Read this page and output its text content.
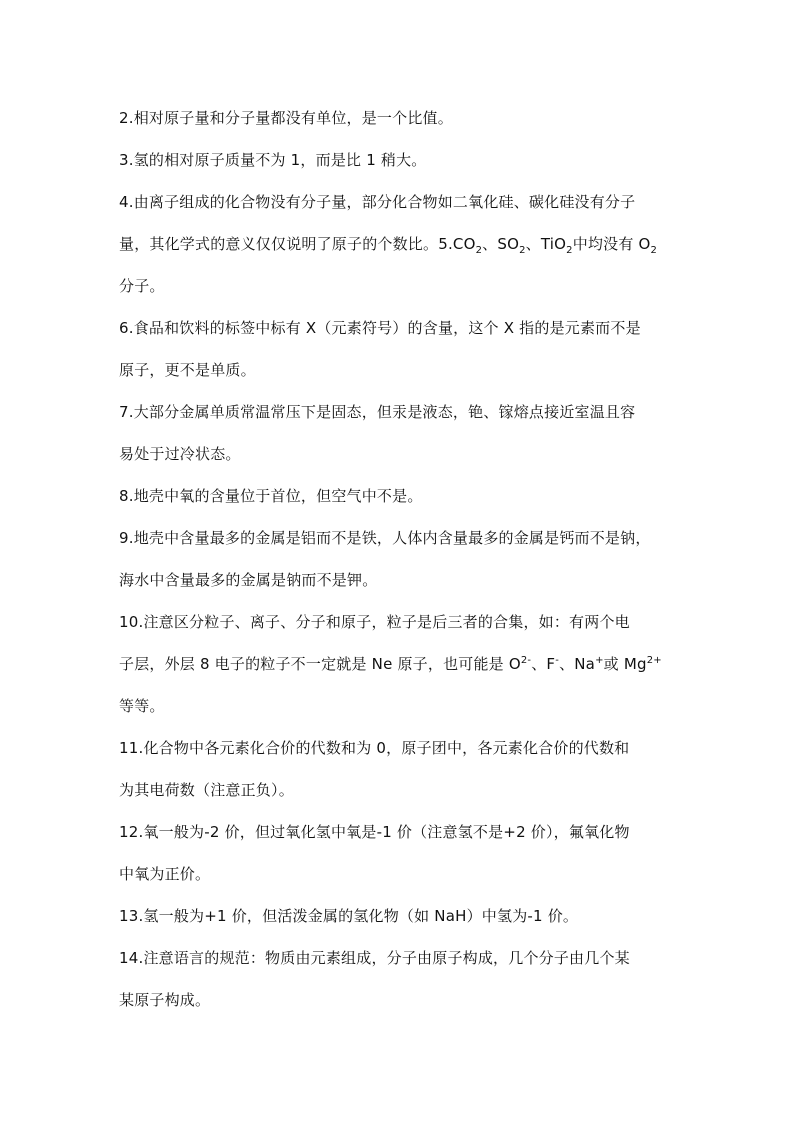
2.相对原子量和分子量都没有单位，是一个比值。
3.氢的相对原子质量不为 1，而是比 1 稍大。
4.由离子组成的化合物没有分子量，部分化合物如二氧化硅、碳化硅没有分子
量，其化学式的意义仅仅说明了原子的个数比。$5.CO_2$、$SO_2$、TiO$_2$中均没有 $O_2$
分子。
6.食品和饮料的标签中标有 X（元素符号）的含量，这个 X 指的是元素而不是
原子，更不是单质。
7.大部分金属单质常温常压下是固态，但汞是液态，铯、镓熔点接近室温且容
易处于过冷状态。
8.地壳中氧的含量位于首位，但空气中不是。
9.地壳中含量最多的金属是铝而不是铁，人体内含量最多的金属是钙而不是钠，
海水中含量最多的金属是钠而不是钾。
10.注意区分粒子、离子、分子和原子，粒子是后三者的合集，如：有两个电
子层，外层 8 电子的粒子不一定就是 Ne 原子，也可能是 $O^{2-}$、F-、Na+或 $Mg^{2+}$
等等。
11.化合物中各元素化合价的代数和为 0，原子团中，各元素化合价的代数和
为其电荷数（注意正负）。
12.氧一般为-2 价，但过氧化氢中氧是-1 价（注意氢不是+2 价），氟氧化物
中氧为正价。
13.氢一般为+1 价，但活泼金属的氢化物（如 NaH）中氢为-1 价。
14.注意语言的规范：物质由元素组成，分子由原子构成，几个分子由几个某
某原子构成。
